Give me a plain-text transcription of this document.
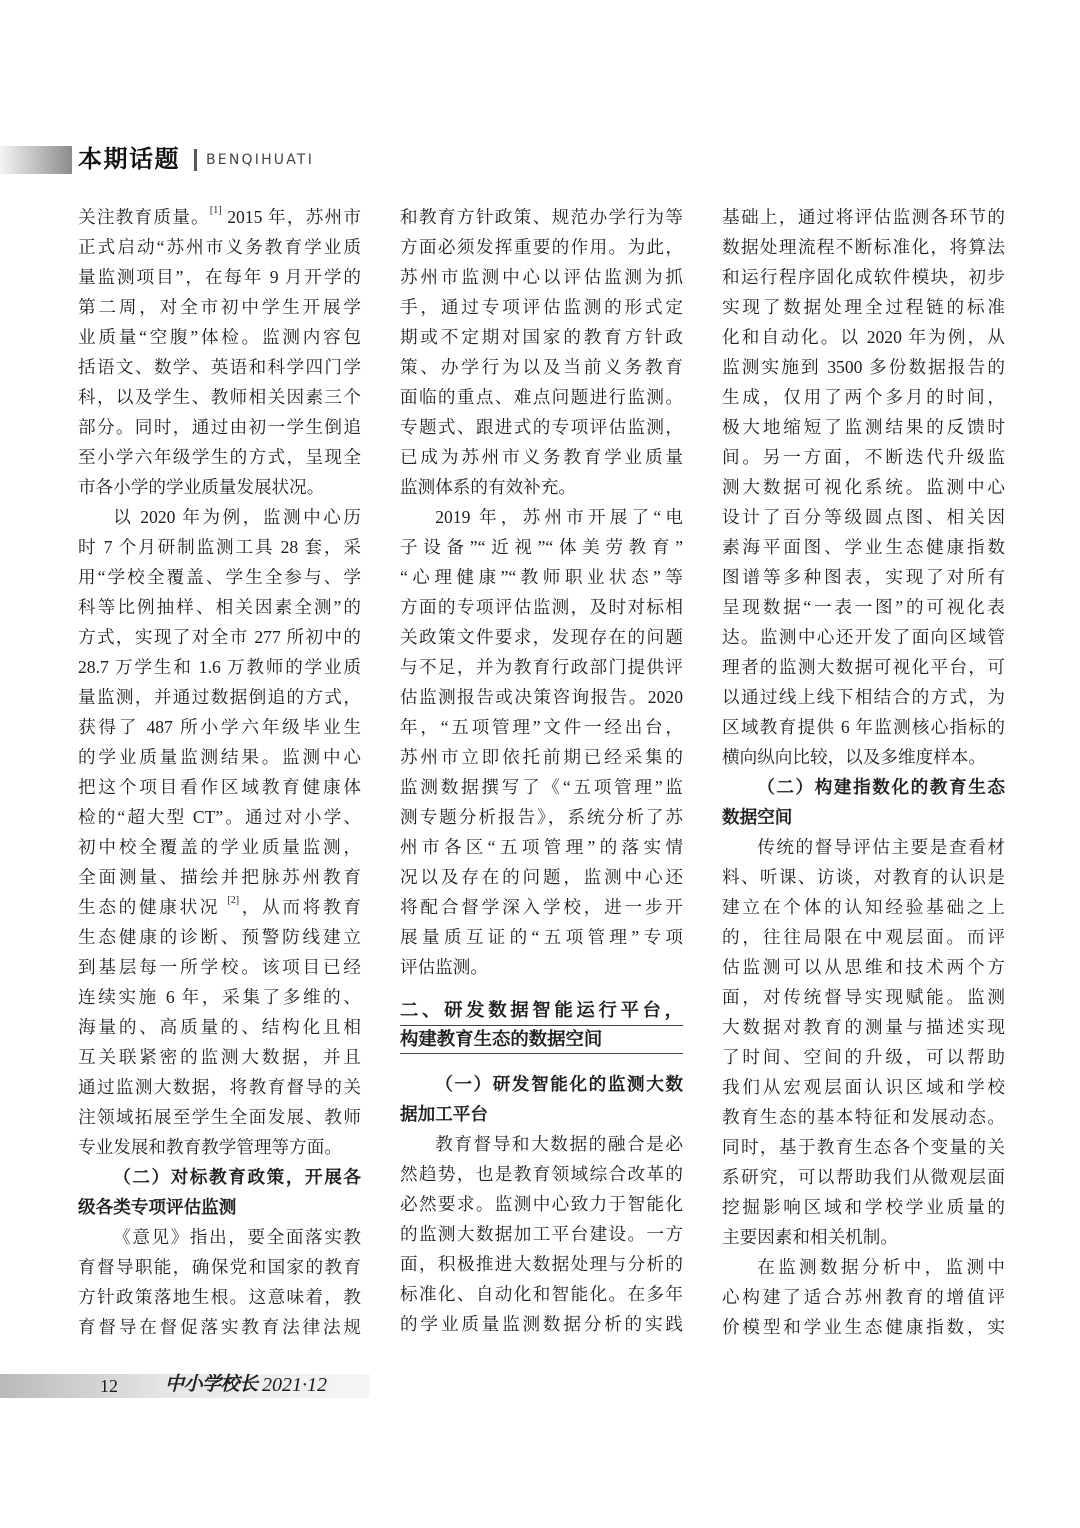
本期话题 BENQIHUATI
关注教育质量。[1] 2015 年，苏州市
正式启动“苏州市义务教育学业质
量监测项目”，在每年 9 月开学的
第二周，对全市初中学生开展学
业质量“空腹”体检。监测内容包
括语文、数学、英语和科学四门学
科，以及学生、教师相关因素三个
部分。同时，通过由初一学生倒追
至小学六年级学生的方式，呈现全
市各小学的学业质量发展状况。
以 2020 年为例，监测中心历
时 7 个月研制监测工具 28 套，采
用“学校全覆盖、学生全参与、学
科等比例抽样、相关因素全测”的
方式，实现了对全市 277 所初中的
28.7 万学生和 1.6 万教师的学业质
量监测，并通过数据倒追的方式，
获得了 487 所小学六年级毕业生
的学业质量监测结果。监测中心
把这个项目看作区域教育健康体
检的“超大型 CT”。通过对小学、
初中校全覆盖的学业质量监测，
全面测量、描绘并把脉苏州教育
生态的健康状况 [2]，从而将教育
生态健康的诊断、预警防线建立
到基层每一所学校。该项目已经
连续实施 6 年，采集了多维的、
海量的、高质量的、结构化且相
互关联紧密的监测大数据，并且
通过监测大数据，将教育督导的关
注领域拓展至学生全面发展、教师
专业发展和教育教学管理等方面。
（二）对标教育政策，开展各
级各类专项评估监测
《意见》指出，要全面落实教
育督导职能，确保党和国家的教育
方针政策落地生根。这意味着，教
育督导在督促落实教育法律法规
和教育方针政策、规范办学行为等
方面必须发挥重要的作用。为此，
苏州市监测中心以评估监测为抓
手，通过专项评估监测的形式定
期或不定期对国家的教育方针政
策、办学行为以及当前义务教育
面临的重点、难点问题进行监测。
专题式、跟进式的专项评估监测，
已成为苏州市义务教育学业质量
监测体系的有效补充。
2019 年，苏州市开展了“电
子设备”“近视”“体美劳教育”
“心理健康”“教师职业状态”等
方面的专项评估监测，及时对标相
关政策文件要求，发现存在的问题
与不足，并为教育行政部门提供评
估监测报告或决策咨询报告。2020
年，“五项管理”文件一经出台，
苏州市立即依托前期已经采集的
监测数据撰写了《“五项管理”监
测专题分析报告》，系统分析了苏
州市各区“五项管理”的落实情
况以及存在的问题，监测中心还
将配合督学深入学校，进一步开
展量质互证的“五项管理”专项
评估监测。
二、研发数据智能运行平台，
构建教育生态的数据空间
（一）研发智能化的监测大数
据加工平台
教育督导和大数据的融合是必
然趋势，也是教育领域综合改革的
必然要求。监测中心致力于智能化
的监测大数据加工平台建设。一方
面，积极推进大数据处理与分析的
标准化、自动化和智能化。在多年
的学业质量监测数据分析的实践
基础上，通过将评估监测各环节的
数据处理流程不断标准化，将算法
和运行程序固化成软件模块，初步
实现了数据处理全过程链的标准
化和自动化。以 2020 年为例，从
监测实施到 3500 多份数据报告的
生成，仅用了两个多月的时间，
极大地缩短了监测结果的反馈时
间。另一方面，不断迭代升级监
测大数据可视化系统。监测中心
设计了百分等级圆点图、相关因
素海平面图、学业生态健康指数
图谱等多种图表，实现了对所有
呈现数据“一表一图”的可视化表
达。监测中心还开发了面向区域管
理者的监测大数据可视化平台，可
以通过线上线下相结合的方式，为
区域教育提供 6 年监测核心指标的
横向纵向比较，以及多维度样本。
（二）构建指数化的教育生态
数据空间
传统的督导评估主要是查看材
料、听课、访谈，对教育的认识是
建立在个体的认知经验基础之上
的，往往局限在中观层面。而评
估监测可以从思维和技术两个方
面，对传统督导实现赋能。监测
大数据对教育的测量与描述实现
了时间、空间的升级，可以帮助
我们从宏观层面认识区域和学校
教育生态的基本特征和发展动态。
同时，基于教育生态各个变量的关
系研究，可以帮助我们从微观层面
挖掘影响区域和学校学业质量的
主要因素和相关机制。
在监测数据分析中，监测中
心构建了适合苏州教育的增值评
价模型和学业生态健康指数，实
12 中小学校长 2021·12
